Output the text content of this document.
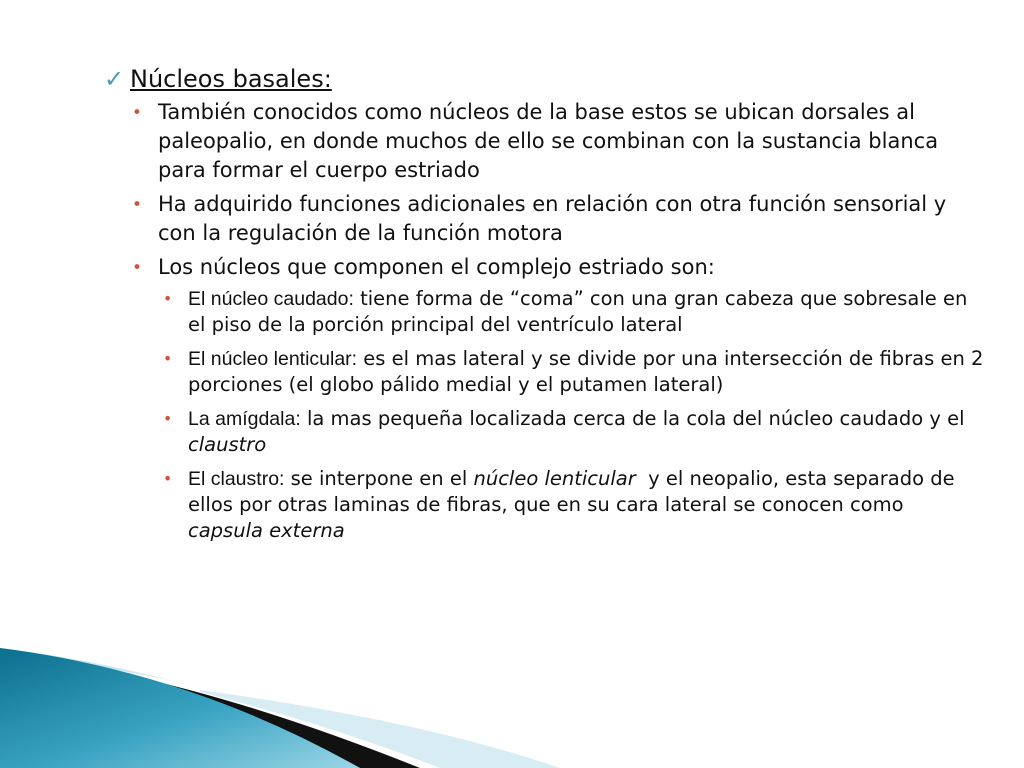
✓ Núcleos basales:
• También conocidos como núcleos de la base estos se ubican dorsales al paleopalio, en donde muchos de ello se combinan con la sustancia blanca para formar el cuerpo estriado
• Ha adquirido funciones adicionales en relación con otra función sensorial y con la regulación de la función motora
• Los núcleos que componen el complejo estriado son:
• El núcleo caudado: tiene forma de “coma” con una gran cabeza que sobresale en el piso de la porción principal del ventrículo lateral
• El núcleo lenticular: es el mas lateral y se divide por una intersección de fibras en 2 porciones (el globo pálido medial y el putamen lateral)
• La amígdala: la mas pequeña localizada cerca de la cola del núcleo caudado y el claustro
• El claustro: se interpone en el núcleo lenticular  y el neopalio, esta separado de ellos por otras laminas de fibras, que en su cara lateral se conocen como capsula externa
